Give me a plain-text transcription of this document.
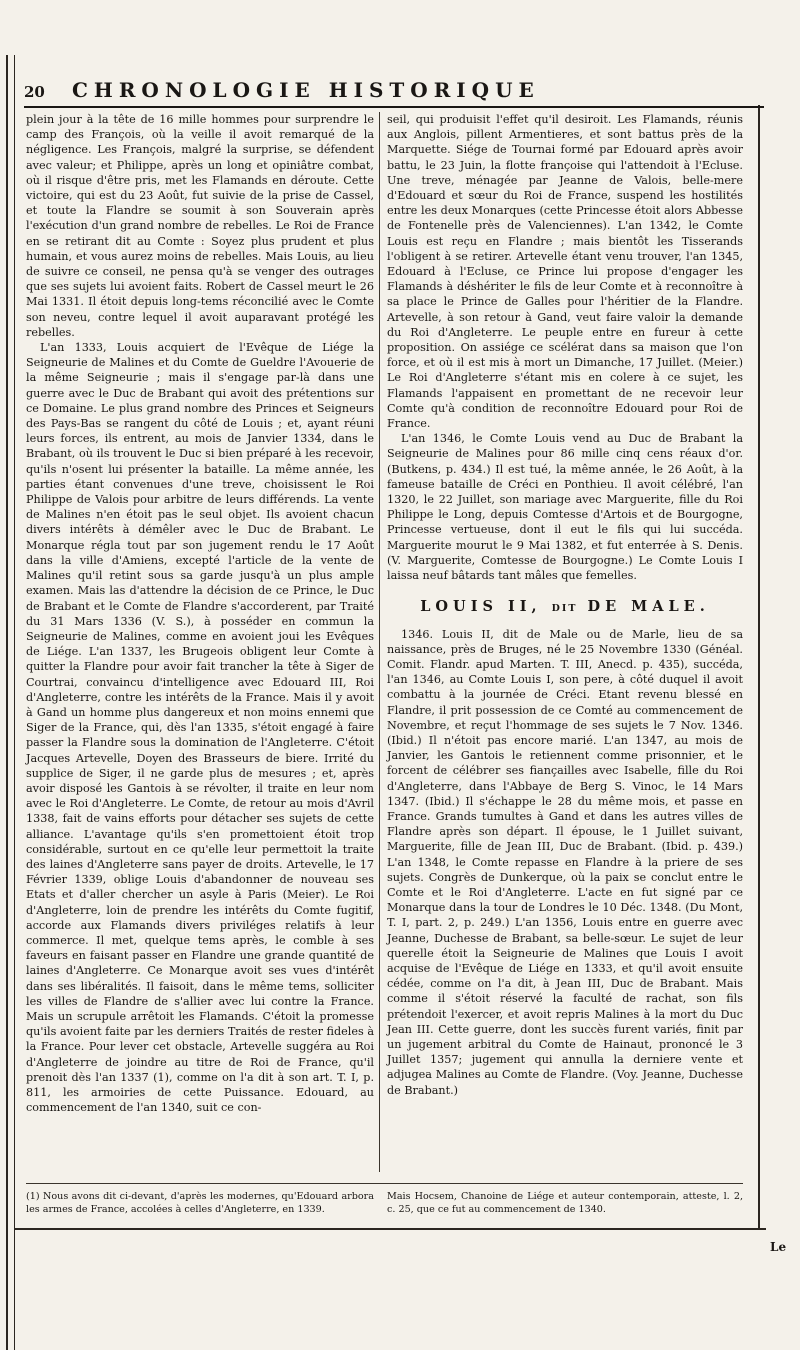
20 CHRONOLOGIE HISTORIQUE

plein jour à la tête de 16 mille hommes pour surprendre le camp des François, où la veille il avoit remarqué de la négligence. Les François, malgré la surprise, se défendent avec valeur; et Philippe, après un long et opiniâtre combat, où il risque d'être pris, met les Flamands en déroute. Cette victoire, qui est du 23 Août, fut suivie de la prise de Cassel, et toute la Flandre se soumit à son Souverain après l'exécution d'un grand nombre de rebelles. Le Roi de France en se retirant dit au Comte : Soyez plus prudent et plus humain, et vous aurez moins de rebelles. Mais Louis, au lieu de suivre ce conseil, ne pensa qu'à se venger des outrages que ses sujets lui avoient faits. Robert de Cassel meurt le 26 Mai 1331. Il étoit depuis long-tems réconcilié avec le Comte son neveu, contre lequel il avoit auparavant protégé les rebelles.

L'an 1333, Louis acquiert de l'Evêque de Liége la Seigneurie de Malines et du Comte de Gueldre l'Avouerie de la même Seigneurie ; mais il s'engage par-là dans une guerre avec le Duc de Brabant qui avoit des prétentions sur ce Domaine. Le plus grand nombre des Princes et Seigneurs des Pays-Bas se rangent du côté de Louis ; et, ayant réuni leurs forces, ils entrent, au mois de Janvier 1334, dans le Brabant, où ils trouvent le Duc si bien préparé à les recevoir, qu'ils n'osent lui présenter la bataille. La même année, les parties étant convenues d'une treve, choisissent le Roi Philippe de Valois pour arbitre de leurs différends. La vente de Malines n'en étoit pas le seul objet. Ils avoient chacun divers intérêts à démêler avec le Duc de Brabant. Le Monarque régla tout par son jugement rendu le 17 Août dans la ville d'Amiens, excepté l'article de la vente de Malines qu'il retint sous sa garde jusqu'à un plus ample examen. Mais las d'attendre la décision de ce Prince, le Duc de Brabant et le Comte de Flandre s'accorderent, par Traité du 31 Mars 1336 (V. S.), à posséder en commun la Seigneurie de Malines, comme en avoient joui les Evêques de Liége. L'an 1337, les Brugeois obligent leur Comte à quitter la Flandre pour avoir fait trancher la tête à Siger de Courtrai, convaincu d'intelligence avec Edouard III, Roi d'Angleterre, contre les intérêts de la France. Mais il y avoit à Gand un homme plus dangereux et non moins ennemi que Siger de la France, qui, dès l'an 1335, s'étoit engagé à faire passer la Flandre sous la domination de l'Angleterre. C'étoit Jacques Artevelle, Doyen des Brasseurs de biere. Irrité du supplice de Siger, il ne garde plus de mesures ; et, après avoir disposé les Gantois à se révolter, il traite en leur nom avec le Roi d'Angleterre. Le Comte, de retour au mois d'Avril 1338, fait de vains efforts pour détacher ses sujets de cette alliance. L'avantage qu'ils s'en promettoient étoit trop considérable, surtout en ce qu'elle leur permettoit la traite des laines d'Angleterre sans payer de droits. Artevelle, le 17 Février 1339, oblige Louis d'abandonner de nouveau ses Etats et d'aller chercher un asyle à Paris (Meier). Le Roi d'Angleterre, loin de prendre les intérêts du Comte fugitif, accorde aux Flamands divers priviléges relatifs à leur commerce. Il met, quelque tems après, le comble à ses faveurs en faisant passer en Flandre une grande quantité de laines d'Angleterre. Ce Monarque avoit ses vues d'intérêt dans ses libéralités. Il faisoit, dans le même tems, solliciter les villes de Flandre de s'allier avec lui contre la France. Mais un scrupule arrêtoit les Flamands. C'étoit la promesse qu'ils avoient faite par les derniers Traités de rester fideles à la France. Pour lever cet obstacle, Artevelle suggéra au Roi d'Angleterre de joindre au titre de Roi de France, qu'il prenoit dès l'an 1337 (1), comme on l'a dit à son art. T. I, p. 811, les armoiries de cette Puissance. Edouard, au commencement de l'an 1340, suit ce con-

seil, qui produisit l'effet qu'il desiroit. Les Flamands, réunis aux Anglois, pillent Armentieres, et sont battus près de la Marquette. Siége de Tournai formé par Edouard après avoir battu, le 23 Juin, la flotte françoise qui l'attendoit à l'Ecluse. Une treve, ménagée par Jeanne de Valois, belle-mere d'Edouard et sœur du Roi de France, suspend les hostilités entre les deux Monarques (cette Princesse étoit alors Abbesse de Fontenelle près de Valenciennes). L'an 1342, le Comte Louis est reçu en Flandre ; mais bientôt les Tisserands l'obligent à se retirer. Artevelle étant venu trouver, l'an 1345, Edouard à l'Ecluse, ce Prince lui propose d'engager les Flamands à déshériter le fils de leur Comte et à reconnoître à sa place le Prince de Galles pour l'héritier de la Flandre. Artevelle, à son retour à Gand, veut faire valoir la demande du Roi d'Angleterre. Le peuple entre en fureur à cette proposition. On assiége ce scélérat dans sa maison que l'on force, et où il est mis à mort un Dimanche, 17 Juillet. (Meier.) Le Roi d'Angleterre s'étant mis en colere à ce sujet, les Flamands l'appaisent en promettant de ne recevoir leur Comte qu'à condition de reconnoître Edouard pour Roi de France.

L'an 1346, le Comte Louis vend au Duc de Brabant la Seigneurie de Malines pour 86 mille cinq cens réaux d'or. (Butkens, p. 434.) Il est tué, la même année, le 26 Août, à la fameuse bataille de Créci en Ponthieu. Il avoit célébré, l'an 1320, le 22 Juillet, son mariage avec Marguerite, fille du Roi Philippe le Long, depuis Comtesse d'Artois et de Bourgogne, Princesse vertueuse, dont il eut le fils qui lui succéda. Marguerite mourut le 9 Mai 1382, et fut enterrée à S. Denis. (V. Marguerite, Comtesse de Bourgogne.) Le Comte Louis I laissa neuf bâtards tant mâles que femelles.

LOUIS II, DIT DE MALE.

1346. Louis II, dit de Male ou de Marle, lieu de sa naissance, près de Bruges, né le 25 Novembre 1330 (Généal. Comit. Flandr. apud Marten. T. III, Anecd. p. 435), succéda, l'an 1346, au Comte Louis I, son pere, à côté duquel il avoit combattu à la journée de Créci. Etant revenu blessé en Flandre, il prit possession de ce Comté au commencement de Novembre, et reçut l'hommage de ses sujets le 7 Nov. 1346. (Ibid.) Il n'étoit pas encore marié. L'an 1347, au mois de Janvier, les Gantois le retiennent comme prisonnier, et le forcent de célébrer ses fiançailles avec Isabelle, fille du Roi d'Angleterre, dans l'Abbaye de Berg S. Vinoc, le 14 Mars 1347. (Ibid.) Il s'échappe le 28 du même mois, et passe en France. Grands tumultes à Gand et dans les autres villes de Flandre après son départ. Il épouse, le 1 Juillet suivant, Marguerite, fille de Jean III, Duc de Brabant. (Ibid. p. 439.) L'an 1348, le Comte repasse en Flandre à la priere de ses sujets. Congrès de Dunkerque, où la paix se conclut entre le Comte et le Roi d'Angleterre. L'acte en fut signé par ce Monarque dans la tour de Londres le 10 Déc. 1348. (Du Mont, T. I, part. 2, p. 249.) L'an 1356, Louis entre en guerre avec Jeanne, Duchesse de Brabant, sa belle-sœur. Le sujet de leur querelle étoit la Seigneurie de Malines que Louis I avoit acquise de l'Evêque de Liége en 1333, et qu'il avoit ensuite cédée, comme on l'a dit, à Jean III, Duc de Brabant. Mais comme il s'étoit réservé la faculté de rachat, son fils prétendoit l'exercer, et avoit repris Malines à la mort du Duc Jean III. Cette guerre, dont les succès furent variés, finit par un jugement arbitral du Comte de Hainaut, prononcé le 3 Juillet 1357; jugement qui annulla la derniere vente et adjugea Malines au Comte de Flandre. (Voy. Jeanne, Duchesse de Brabant.)

(1) Nous avons dit ci-devant, d'après les modernes, qu'Edouard arbora les armes de France, accolées à celles d'Angleterre, en 1339.
Mais Hocsem, Chanoine de Liége et auteur contemporain, atteste, l. 2, c. 25, que ce fut au commencement de 1340.
Le
